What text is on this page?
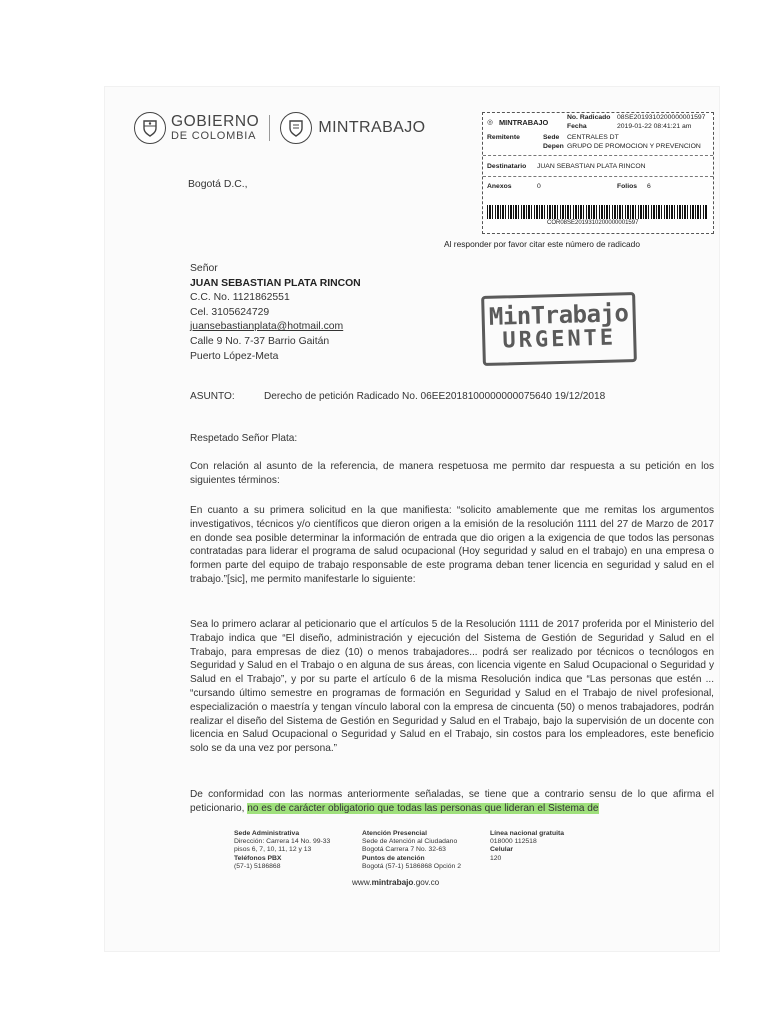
GOBIERNO
DE COLOMBIA	MINTRABAJO	◎ MINTRABAJO
No. Radicado 08SE2019310200000001597
Fecha	2019-01-22 08:41:21 am
Remitente	Sede CENTRALES DT
Depen GRUPO DE PROMOCION Y PREVENCION
Destinatario JUAN SEBASTIAN PLATA RINCON
Anexos	0	Folios 6
COR08SE2019310200000001597
Al responder por favor citar este número de radicado
Bogotá D.C.,
Señor
JUAN SEBASTIAN PLATA RINCON
C.C. No. 1121862551
Cel. 3105624729
juansebastianplata@hotmail.com
Calle 9 No. 7-37 Barrio Gaitán
Puerto López-Meta
MinTrabajo
URGENTE
ASUNTO:	Derecho de petición Radicado No. 06EE2018100000000075640 19/12/2018
Respetado Señor Plata:
Con relación al asunto de la referencia, de manera respetuosa me permito dar respuesta a su petición en los siguientes términos:
En cuanto a su primera solicitud en la que manifiesta: “solicito amablemente que me remitas los argumentos investigativos, técnicos y/o científicos que dieron origen a la emisión de la resolución 1111 del 27 de Marzo de 2017 en donde sea posible determinar la información de entrada que dio origen a la exigencia de que todos las personas contratadas para liderar el programa de salud ocupacional (Hoy seguridad y salud en el trabajo) en una empresa o formen parte del equipo de trabajo responsable de este programa deban tener licencia en seguridad y salud en el trabajo.”[sic], me permito manifestarle lo siguiente:
Sea lo primero aclarar al peticionario que el artículos 5 de la Resolución 1111 de 2017 proferida por el Ministerio del Trabajo indica que “El diseño, administración y ejecución del Sistema de Gestión de Seguridad y Salud en el Trabajo, para empresas de diez (10) o menos trabajadores... podrá ser realizado por técnicos o tecnólogos en Seguridad y Salud en el Trabajo o en alguna de sus áreas, con licencia vigente en Salud Ocupacional o Seguridad y Salud en el Trabajo”, y por su parte el artículo 6 de la misma Resolución indica que “Las personas que estén ... “cursando último semestre en programas de formación en Seguridad y Salud en el Trabajo de nivel profesional, especialización o maestría y tengan vínculo laboral con la empresa de cincuenta (50) o menos trabajadores, podrán realizar el diseño del Sistema de Gestión en Seguridad y Salud en el Trabajo, bajo la supervisión de un docente con licencia en Salud Ocupacional o Seguridad y Salud en el Trabajo, sin costos para los empleadores, este beneficio solo se da una vez por persona.”
De conformidad con las normas anteriormente señaladas, se tiene que a contrario sensu de lo que afirma el peticionario, no es de carácter obligatorio que todas las personas que lideran el Sistema de
Sede Administrativa
Dirección: Carrera 14 No. 99-33
pisos 6, 7, 10, 11, 12 y 13
Teléfonos PBX
(57-1) 5186868
Atención Presencial
Sede de Atención al Ciudadano
Bogotá Carrera 7 No. 32-63
Puntos de atención
Bogotá (57-1) 5186868 Opción 2
Línea nacional gratuita
018000 112518
Celular
120
www.mintrabajo.gov.co
